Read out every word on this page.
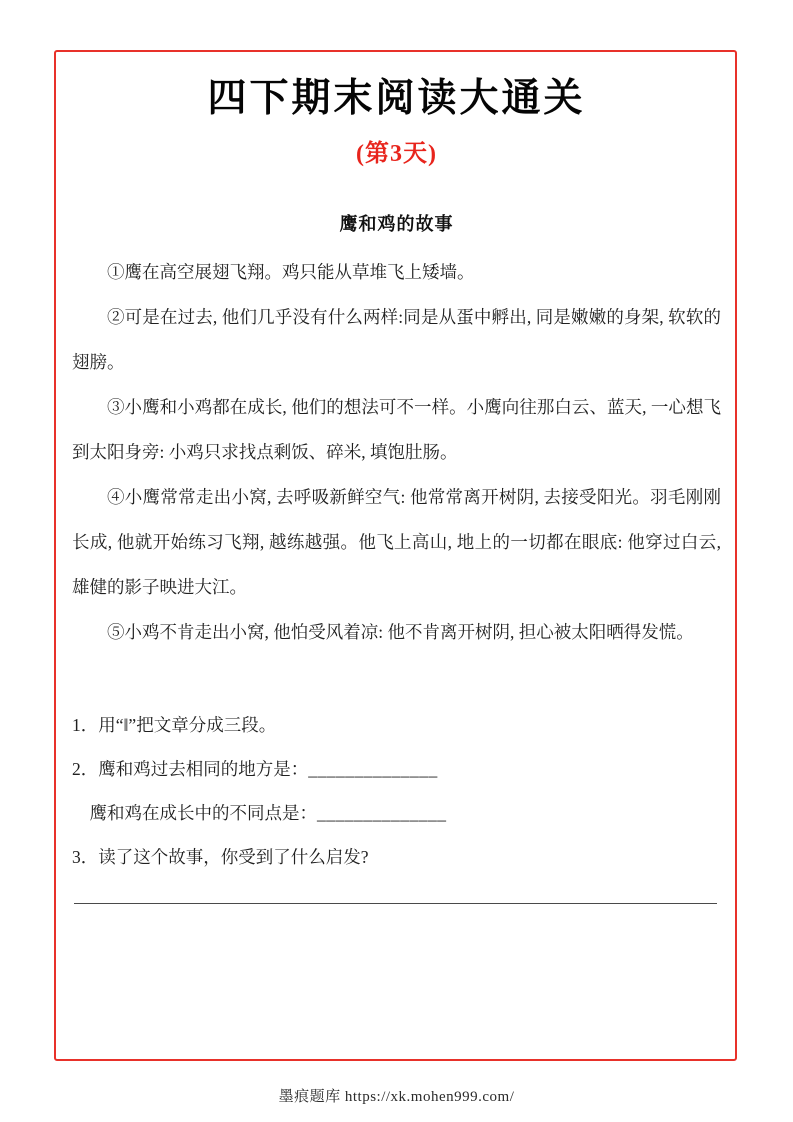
四下期末阅读大通关
(第3天)
鹰和鸡的故事

①鹰在高空展翅飞翔。鸡只能从草堆飞上矮墙。

②可是在过去, 他们几乎没有什么两样:同是从蛋中孵出, 同是嫩嫩的身架, 软软的翅膀。

③小鹰和小鸡都在成长, 他们的想法可不一样。小鹰向往那白云、蓝天, 一心想飞到太阳身旁: 小鸡只求找点剩饭、碎米, 填饱肚肠。

④小鹰常常走出小窝, 去呼吸新鲜空气: 他常常离开树阴, 去接受阳光。羽毛刚刚长成, 他就开始练习飞翔, 越练越强。他飞上高山, 地上的一切都在眼底: 他穿过白云, 雄健的影子映进大江。

⑤小鸡不肯走出小窝, 他怕受风着凉: 他不肯离开树阴, 担心被太阳晒得发慌。

1．用“‖”把文章分成三段。

2．鹰和鸡过去相同的地方是：______________

鹰和鸡在成长中的不同点是：______________

3．读了这个故事，你受到了什么启发?

墨痕题库 https://xk.mohen999.com/
